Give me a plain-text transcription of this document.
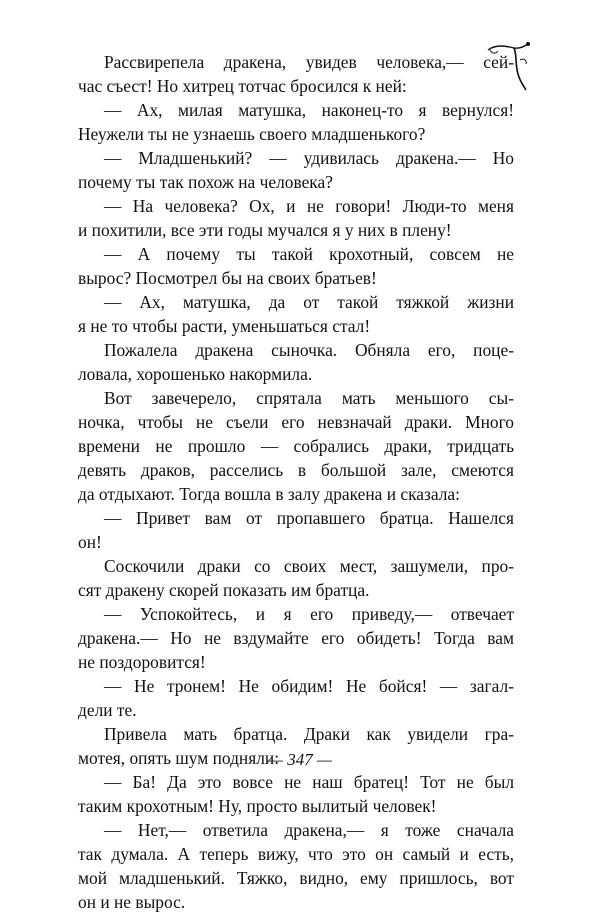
Рассвирепела дракена, увидев человека,— сей-
час съест! Но хитрец тотчас бросился к ней:
— Ах, милая матушка, наконец-то я вернулся!
Неужели ты не узнаешь своего младшенького?
— Младшенький? — удивилась дракена.— Но
почему ты так похож на человека?
— На человека? Ох, и не говори! Люди-то меня
и похитили, все эти годы мучался я у них в плену!
— А почему ты такой крохотный, совсем не
вырос? Посмотрел бы на своих братьев!
— Ах, матушка, да от такой тяжкой жизни
я не то чтобы расти, уменьшаться стал!
Пожалела дракена сыночка. Обняла его, поце-
ловала, хорошенько накормила.
Вот завечерело, спрятала мать меньшого сы-
ночка, чтобы не съели его невзначай драки. Много
времени не прошло — собрались драки, тридцать
девять драков, расселись в большой зале, смеются
да отдыхают. Тогда вошла в залу дракена и сказала:
— Привет вам от пропавшего братца. Нашелся
он!
Соскочили драки со своих мест, зашумели, про-
сят дракену скорей показать им братца.
— Успокойтесь, и я его приведу,— отвечает
дракена.— Но не вздумайте его обидеть! Тогда вам
не поздоровится!
— Не тронем! Не обидим! Не бойся! — загал-
дели те.
Привела мать братца. Драки как увидели гра-
мотея, опять шум подняли:
— Ба! Да это вовсе не наш братец! Тот не был
таким крохотным! Ну, просто вылитый человек!
— Нет,— ответила дракена,— я тоже сначала
так думала. А теперь вижу, что это он самый и есть,
мой младшенький. Тяжко, видно, ему пришлось, вот
он и не вырос.
— 347 —
